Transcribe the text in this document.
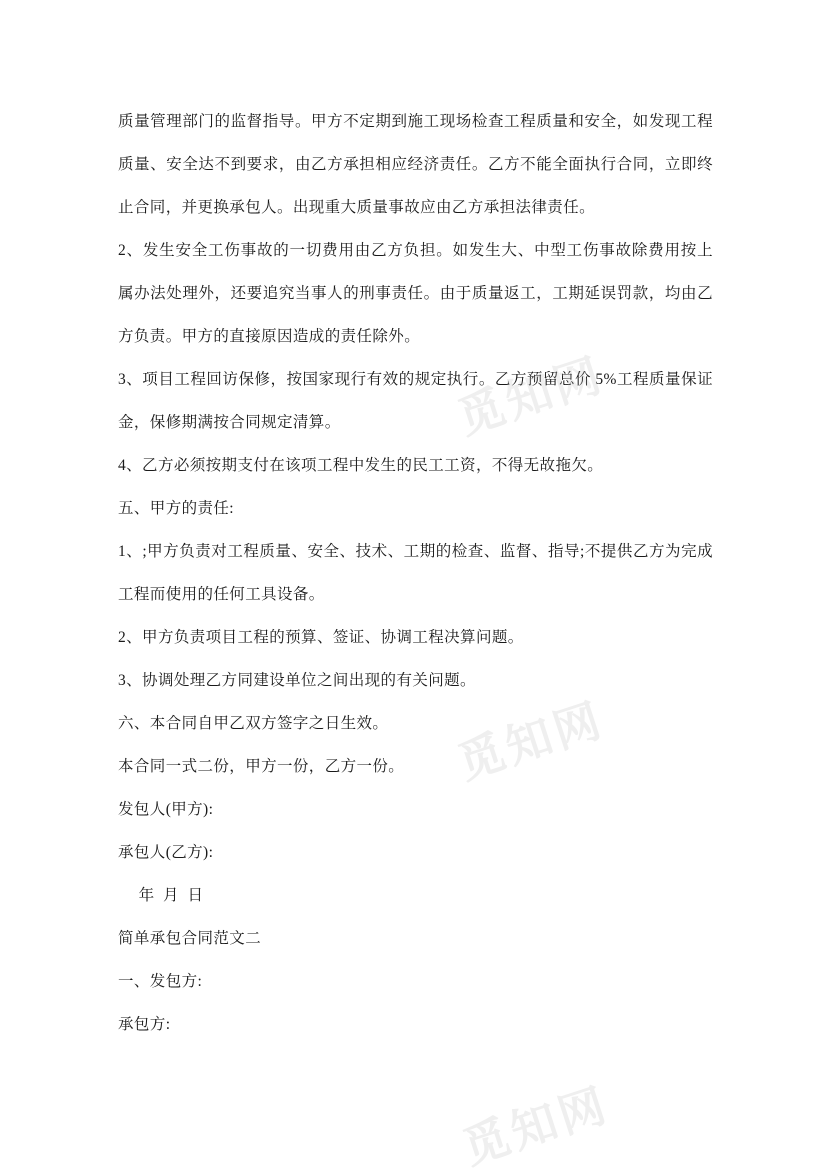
质量管理部门的监督指导。甲方不定期到施工现场检查工程质量和安全，如发现工程质量、安全达不到要求，由乙方承担相应经济责任。乙方不能全面执行合同，立即终止合同，并更换承包人。出现重大质量事故应由乙方承担法律责任。

2、发生安全工伤事故的一切费用由乙方负担。如发生大、中型工伤事故除费用按上属办法处理外，还要追究当事人的刑事责任。由于质量返工，工期延误罚款，均由乙方负责。甲方的直接原因造成的责任除外。

3、项目工程回访保修，按国家现行有效的规定执行。乙方预留总价 5%工程质量保证金，保修期满按合同规定清算。

4、乙方必须按期支付在该项工程中发生的民工工资，不得无故拖欠。

五、甲方的责任:

1、;甲方负责对工程质量、安全、技术、工期的检查、监督、指导;不提供乙方为完成工程而使用的任何工具设备。

2、甲方负责项目工程的预算、签证、协调工程决算问题。

3、协调处理乙方同建设单位之间出现的有关问题。

六、本合同自甲乙双方签字之日生效。

本合同一式二份，甲方一份，乙方一份。

发包人(甲方):

承包人(乙方):

年  月  日

简单承包合同范文二

一、发包方:

承包方:

觅知网
觅知网
觅知网
